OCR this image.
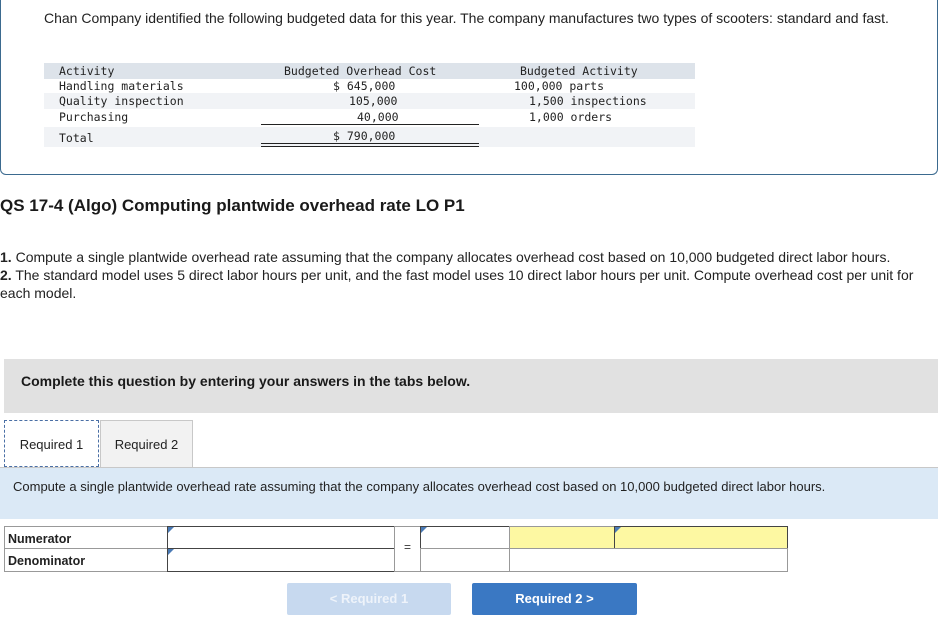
Chan Company identified the following budgeted data for this year. The company manufactures two types of scooters: standard and fast.
Activity	Budgeted Overhead Cost	Budgeted Activity
Handling materials	$ 645,000	100,000 parts
Quality inspection	105,000	1,500 inspections
Purchasing	40,000	1,000 orders
Total	$ 790,000
QS 17-4 (Algo) Computing plantwide overhead rate LO P1

1. Compute a single plantwide overhead rate assuming that the company allocates overhead cost based on 10,000 budgeted direct labor hours.

2. The standard model uses 5 direct labor hours per unit, and the fast model uses 10 direct labor hours per unit. Compute overhead cost per unit for each model.

Complete this question by entering your answers in the tabs below.
Required 1	Required 2
Compute a single plantwide overhead rate assuming that the company allocates overhead cost based on 10,000 budgeted direct labor hours.
Numerator
Denominator
=
< Required 1	Required 2 >
